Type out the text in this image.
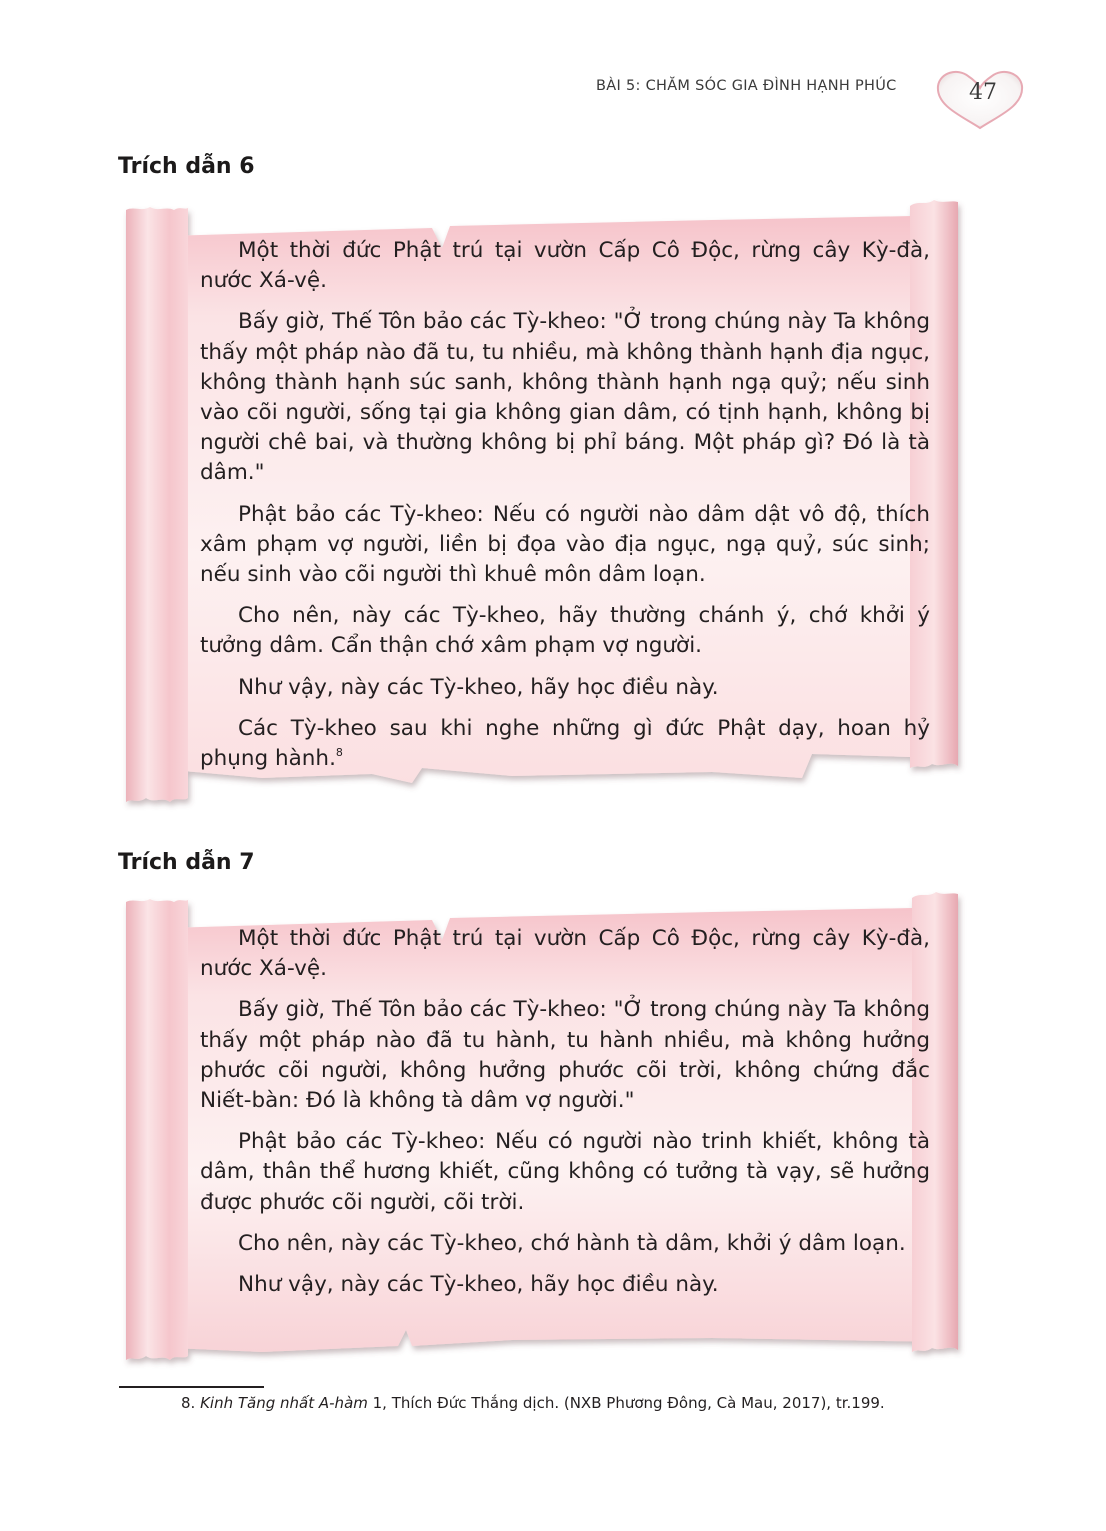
BÀI 5: CHĂM SÓC GIA ĐÌNH HẠNH PHÚC	47
Trích dẫn 6

Một thời đức Phật trú tại vườn Cấp Cô Độc, rừng cây Kỳ-đà, nước Xá-vệ.

Bấy giờ, Thế Tôn bảo các Tỳ-kheo: "Ở trong chúng này Ta không thấy một pháp nào đã tu, tu nhiều, mà không thành hạnh địa ngục, không thành hạnh súc sanh, không thành hạnh ngạ quỷ; nếu sinh vào cõi người, sống tại gia không gian dâm, có tịnh hạnh, không bị người chê bai, và thường không bị phỉ báng. Một pháp gì? Đó là tà dâm."

Phật bảo các Tỳ-kheo: Nếu có người nào dâm dật vô độ, thích xâm phạm vợ người, liền bị đọa vào địa ngục, ngạ quỷ, súc sinh; nếu sinh vào cõi người thì khuê môn dâm loạn.

Cho nên, này các Tỳ-kheo, hãy thường chánh ý, chớ khởi ý tưởng dâm. Cẩn thận chớ xâm phạm vợ người.

Như vậy, này các Tỳ-kheo, hãy học điều này.

Các Tỳ-kheo sau khi nghe những gì đức Phật dạy, hoan hỷ phụng hành.$^8$

Trích dẫn 7

Một thời đức Phật trú tại vườn Cấp Cô Độc, rừng cây Kỳ-đà, nước Xá-vệ.

Bấy giờ, Thế Tôn bảo các Tỳ-kheo: "Ở trong chúng này Ta không thấy một pháp nào đã tu hành, tu hành nhiều, mà không hưởng phước cõi người, không hưởng phước cõi trời, không chứng đắc Niết-bàn: Đó là không tà dâm vợ người."

Phật bảo các Tỳ-kheo: Nếu có người nào trinh khiết, không tà dâm, thân thể hương khiết, cũng không có tưởng tà vạy, sẽ hưởng được phước cõi người, cõi trời.

Cho nên, này các Tỳ-kheo, chớ hành tà dâm, khởi ý dâm loạn.

Như vậy, này các Tỳ-kheo, hãy học điều này.

8. Kinh Tăng nhất A-hàm 1, Thích Đức Thắng dịch. (NXB Phương Đông, Cà Mau, 2017), tr.199.
